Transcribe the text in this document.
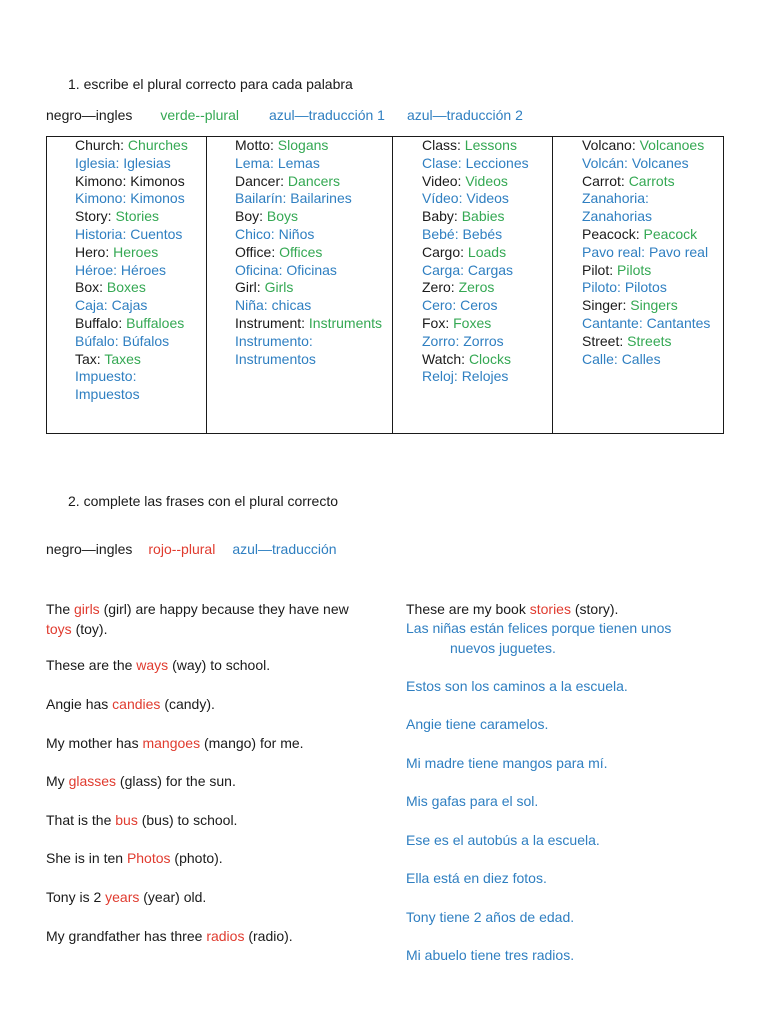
1. escribe el plural correcto para cada palabra
negro—ingles verde--plural azul—traducción 1 azul—traducción 2
Church: Churches
Iglesia: Iglesias
Kimono: Kimonos
Kimono: Kimonos
Story: Stories
Historia: Cuentos
Hero: Heroes
Héroe: Héroes
Box: Boxes
Caja: Cajas
Buffalo: Buffaloes
Búfalo: Búfalos
Tax: Taxes
Impuesto: Impuestos

Motto: Slogans
Lema: Lemas
Dancer: Dancers
Bailarín: Bailarines
Boy: Boys
Chico: Niños
Office: Offices
Oficina: Oficinas
Girl: Girls
Niña: chicas
Instrument: Instruments
Instrumento: Instrumentos

Class: Lessons
Clase: Lecciones
Video: Videos
Vídeo: Videos
Baby: Babies
Bebé: Bebés
Cargo: Loads
Carga: Cargas
Zero: Zeros
Cero: Ceros
Fox: Foxes
Zorro: Zorros
Watch: Clocks
Reloj: Relojes

Volcano: Volcanoes
Volcán: Volcanes
Carrot: Carrots
Zanahoria: Zanahorias
Peacock: Peacock
Pavo real: Pavo real
Pilot: Pilots
Piloto: Pilotos
Singer: Singers
Cantante: Cantantes
Street: Streets
Calle: Calles
2. complete las frases con el plural correcto
negro—ingles rojo--plural azul—traducción
The girls (girl) are happy because they have new toys (toy).
These are the ways (way) to school.
Angie has candies (candy).
My mother has mangoes (mango) for me.
My glasses (glass) for the sun.
That is the bus (bus) to school.
She is in ten Photos (photo).
Tony is 2 years (year) old.
My grandfather has three radios (radio).
These are my book stories (story).
Las niñas están felices porque tienen unos
nuevos juguetes.
Estos son los caminos a la escuela.
Angie tiene caramelos.
Mi madre tiene mangos para mí.
Mis gafas para el sol.
Ese es el autobús a la escuela.
Ella está en diez fotos.
Tony tiene 2 años de edad.
Mi abuelo tiene tres radios.
